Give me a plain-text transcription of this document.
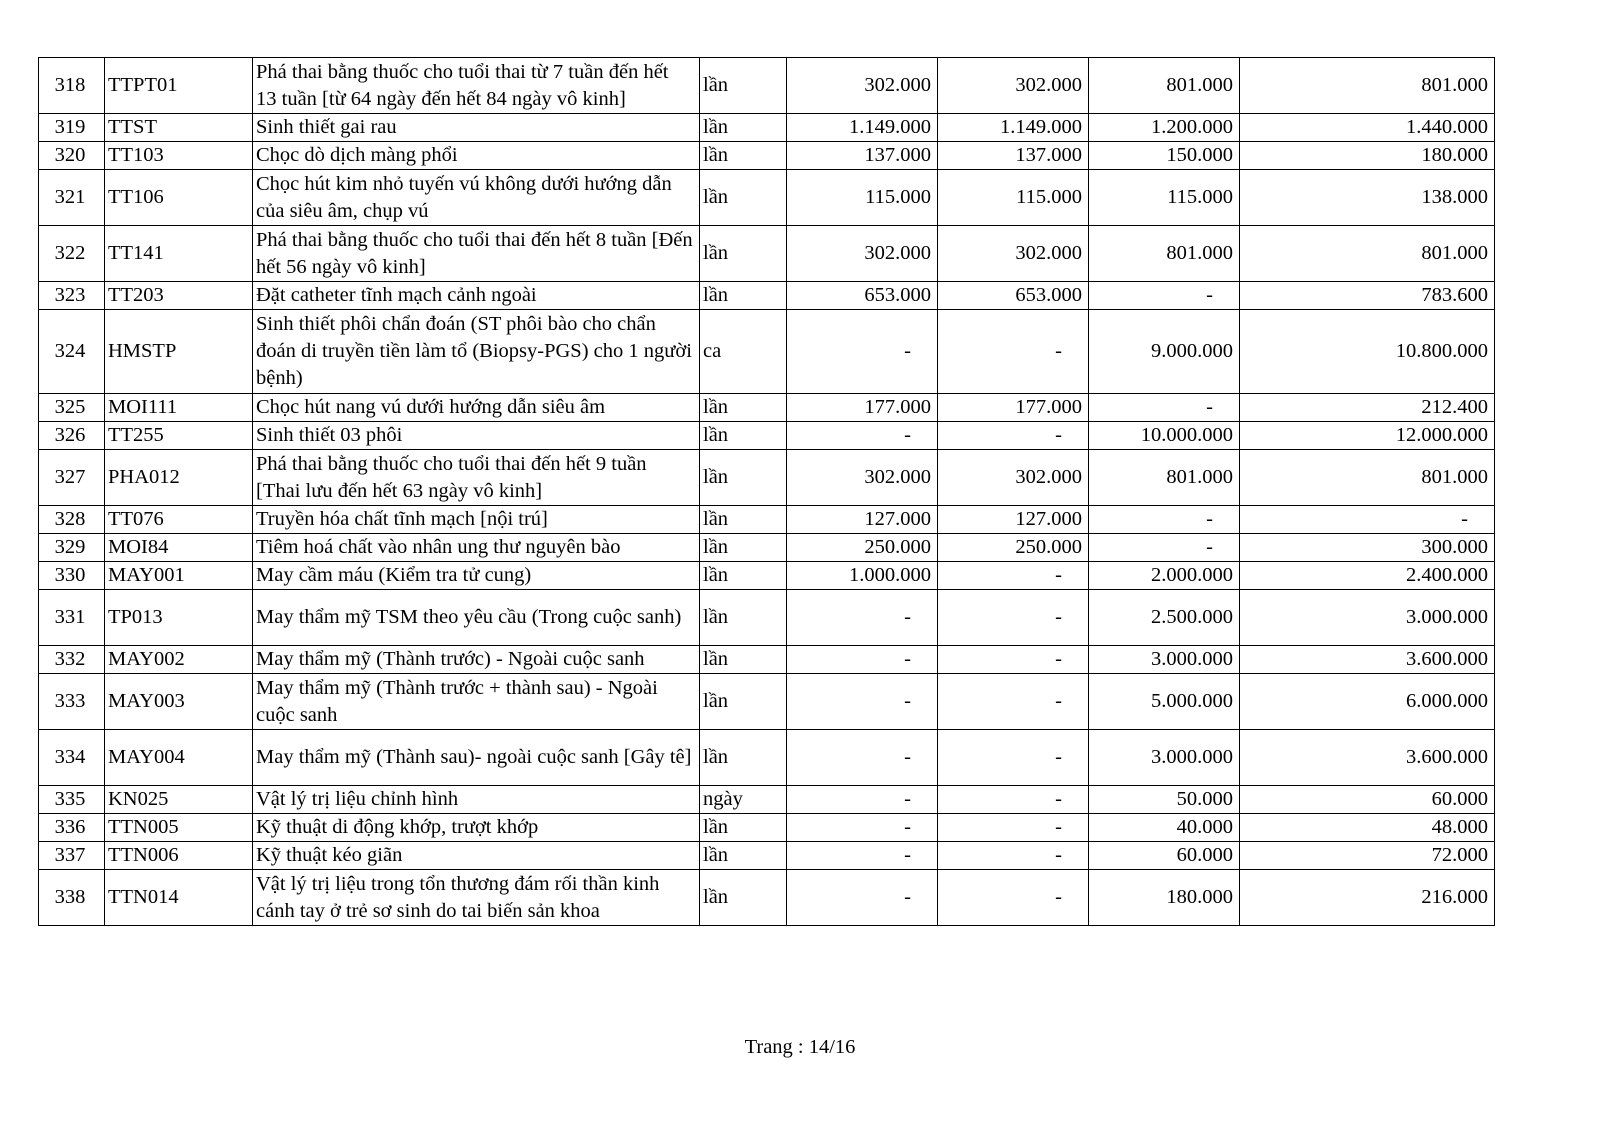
318	TTPT01	Phá thai bằng thuốc cho tuổi thai từ 7 tuần đến hết 13 tuần [từ 64 ngày đến hết 84 ngày vô kinh]	lần	302.000	302.000	801.000	801.000
319	TTST	Sinh thiết gai rau	lần	1.149.000	1.149.000	1.200.000	1.440.000
320	TT103	Chọc dò dịch màng phổi	lần	137.000	137.000	150.000	180.000
321	TT106	Chọc hút kim nhỏ tuyến vú không dưới hướng dẫn của siêu âm, chụp vú	lần	115.000	115.000	115.000	138.000
322	TT141	Phá thai bằng thuốc cho tuổi thai đến hết 8 tuần [Đến hết 56 ngày vô kinh]	lần	302.000	302.000	801.000	801.000
323	TT203	Đặt catheter tĩnh mạch cảnh ngoài	lần	653.000	653.000	-	783.600
324	HMSTP	Sinh thiết phôi chẩn đoán (ST phôi bào cho chẩn đoán di truyền tiền làm tổ (Biopsy-PGS) cho 1 người bệnh)	ca	-	-	9.000.000	10.800.000
325	MOI111	Chọc hút nang vú dưới hướng dẫn siêu âm	lần	177.000	177.000	-	212.400
326	TT255	Sinh thiết 03 phôi	lần	-	-	10.000.000	12.000.000
327	PHA012	Phá thai bằng thuốc cho tuổi thai đến hết 9 tuần [Thai lưu đến hết 63 ngày vô kinh]	lần	302.000	302.000	801.000	801.000
328	TT076	Truyền hóa chất tĩnh mạch [nội trú]	lần	127.000	127.000	-	-
329	MOI84	Tiêm hoá chất vào nhân ung thư nguyên bào	lần	250.000	250.000	-	300.000
330	MAY001	May cầm máu (Kiểm tra tử cung)	lần	1.000.000	-	2.000.000	2.400.000
331	TP013	May thẩm mỹ TSM theo yêu cầu (Trong cuộc sanh)	lần	-	-	2.500.000	3.000.000
332	MAY002	May thẩm mỹ (Thành trước) - Ngoài cuộc sanh	lần	-	-	3.000.000	3.600.000
333	MAY003	May thẩm mỹ (Thành trước + thành sau) - Ngoài cuộc sanh	lần	-	-	5.000.000	6.000.000
334	MAY004	May thẩm mỹ (Thành sau)- ngoài cuộc sanh [Gây tê]	lần	-	-	3.000.000	3.600.000
335	KN025	Vật lý trị liệu chỉnh hình	ngày	-	-	50.000	60.000
336	TTN005	Kỹ thuật di động khớp, trượt khớp	lần	-	-	40.000	48.000
337	TTN006	Kỹ thuật kéo giãn	lần	-	-	60.000	72.000
338	TTN014	Vật lý trị liệu trong tổn thương đám rối thần kinh cánh tay ở trẻ sơ sinh do tai biến sản khoa	lần	-	-	180.000	216.000
Trang : 14/16
